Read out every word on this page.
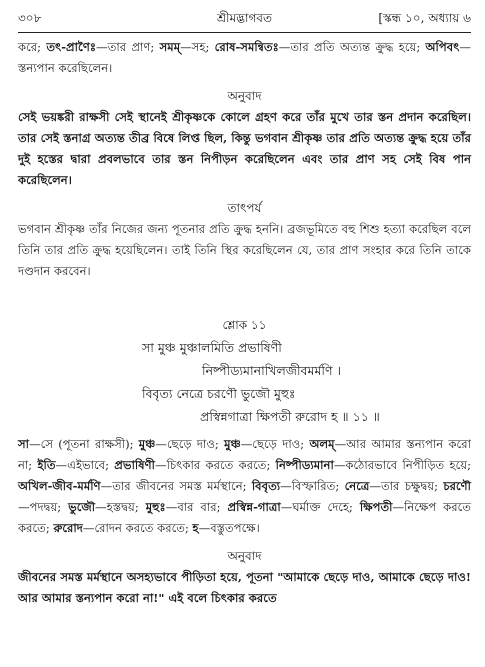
৩০৮	শ্রীমদ্ভাগবত	[স্কন্ধ ১০, অধ্যায় ৬

করে; তৎ-প্রাণৈঃ—তার প্রাণ; সমম্—সহ; রোষ-সমন্বিতঃ—তার প্রতি অত্যন্ত ক্রুদ্ধ হয়ে; অপিবৎ—স্তন্যপান করেছিলেন।

অনুবাদ

সেই ভয়ঙ্করী রাক্ষসী সেই স্থানেই শ্রীকৃষ্ণকে কোলে গ্রহণ করে তাঁর মুখে তার স্তন প্রদান করেছিল। তার সেই স্তনাগ্র অত্যন্ত তীব্র বিষে লিপ্ত ছিল, কিন্তু ভগবান শ্রীকৃষ্ণ তার প্রতি অত্যন্ত ক্রুদ্ধ হয়ে তাঁর দুই হস্তের দ্বারা প্রবলভাবে তার স্তন নিপীড়ন করেছিলেন এবং তার প্রাণ সহ সেই বিষ পান করেছিলেন।

তাৎপর্য

ভগবান শ্রীকৃষ্ণ তাঁর নিজের জন্য পূতনার প্রতি ক্রুদ্ধ হননি। ব্রজভূমিতে বহু শিশু হত্যা করেছিল বলে তিনি তার প্রতি ক্রুদ্ধ হয়েছিলেন। তাই তিনি স্থির করেছিলেন যে, তার প্রাণ সংহার করে তিনি তাকে দণ্ডদান করবেন।

শ্লোক ১১
সা মুঞ্চ মুঞ্চালমিতি প্রভাষিণী
নিষ্পীড্যমানাখিলজীবমর্মণি ।
বিবৃত্য নেত্রে চরণৌ ভুজৌ মুহুঃ
প্রস্বিন্নগাত্রা ক্ষিপতী রুরোদ হ ॥ ১১ ॥

সা—সে (পূতনা রাক্ষসী); মুঞ্চ—ছেড়ে দাও; মুঞ্চ—ছেড়ে দাও; অলম্—আর আমার স্তন্যপান করো না; ইতি—এইভাবে; প্রভাষিণী—চিৎকার করতে করতে; নিষ্পীড্যমানা—কঠোরভাবে নিপীড়িত হয়ে; অখিল-জীব-মর্মণি—তার জীবনের সমস্ত মর্মস্থানে; বিবৃত্য—বিস্ফারিত; নেত্রে—তার চক্ষুদ্বয়; চরণৌ—পদদ্বয়; ভুজৌ—হস্তদ্বয়; মুহুঃ—বার বার; প্রস্বিন্ন-গাত্রা—ঘর্মাক্ত দেহে; ক্ষিপতী—নিক্ষেপ করতে করতে; রুরোদ—রোদন করতে করতে; হ—বস্তুতপক্ষে।

অনুবাদ

জীবনের সমস্ত মর্মস্থানে অসহ্যভাবে পীড়িতা হয়ে, পূতনা "আমাকে ছেড়ে দাও, আমাকে ছেড়ে দাও! আর আমার স্তন্যপান করো না!" এই বলে চিৎকার করতে
